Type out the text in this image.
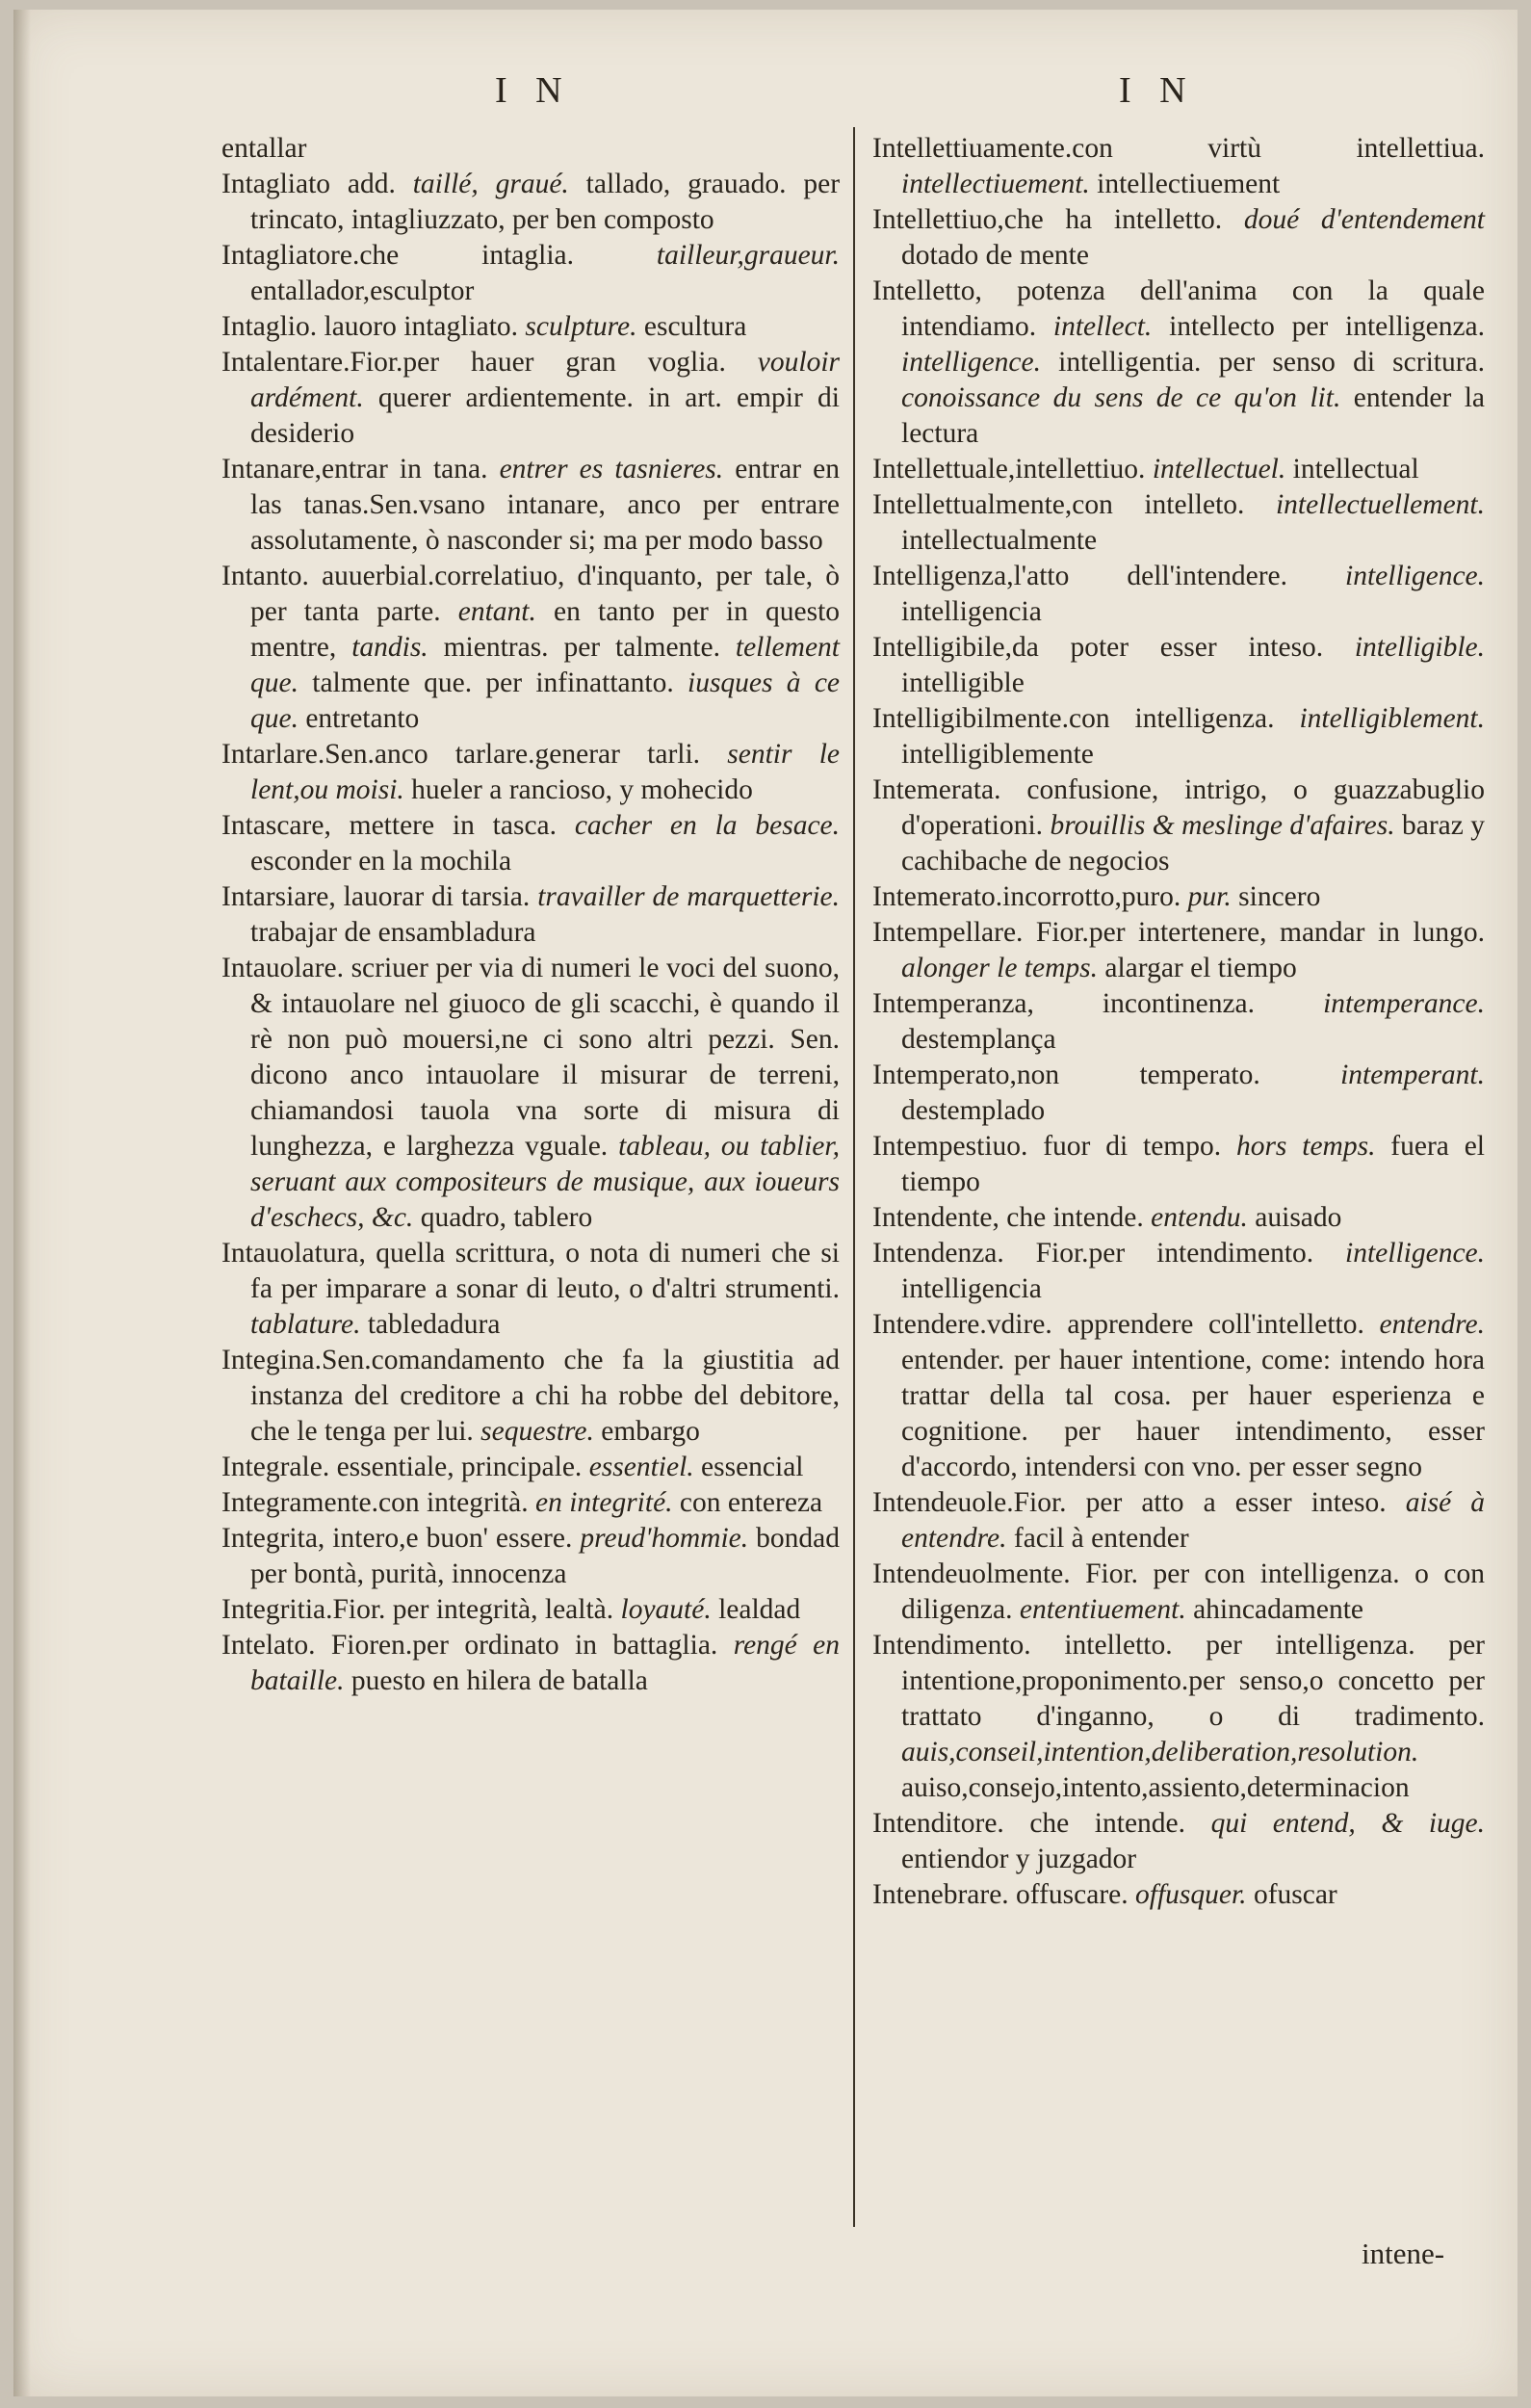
I N	I N

entallar

Intagliato add. taillé, graué. tallado, grauado. per trincato, intagliuzzato, per ben composto

Intagliatore.che intaglia.	tailleur,graueur. entallador,esculptor

Intaglio. lauoro intagliato. sculpture. escultura

Intalentare.Fior.per hauer gran voglia. vouloir ardément. querer ardientemente. in art. empir di desiderio

Intanare,entrar in tana. entrer es tasnieres. entrar en las tanas.Sen.vsano intanare, anco per entrare assolutamente, ò nasconder si; ma per modo basso

Intanto. auuerbial.correlatiuo, d'inquanto, per tale, ò per tanta parte. entant. en tanto per in questo mentre, tandis. mientras. per talmente. tellement que. talmente que. per infinattanto. iusques à ce que. entretanto

Intarlare.Sen.anco tarlare.generar tarli. sentir le lent,ou moisi. hueler a rancioso, y mohecido

Intascare, mettere in tasca. cacher en la besace. esconder en la mochila

Intarsiare, lauorar di tarsia. travailler de marquetterie. trabajar de ensambladura

Intauolare. scriuer per via di numeri le voci del suono, & intauolare nel giuoco de gli scacchi, è quando il rè non può mouersi,ne ci sono altri pezzi. Sen. dicono anco intauolare il misurar de terreni, chiamandosi tauola vna sorte di misura di lunghezza, e larghezza vguale. tableau, ou tablier, seruant aux compositeurs de musique, aux ioueurs d'eschecs, &c. quadro, tablero

Intauolatura, quella scrittura, o nota di numeri che si fa per imparare a sonar di leuto, o d'altri strumenti. tablature. tabledadura

Integina.Sen.comandamento che fa la giustitia ad instanza del creditore a chi ha robbe del debitore, che le tenga per lui. sequestre. embargo

Integrale. essentiale, principale. essentiel. essencial

Integramente.con integrità. en integrité. con entereza

Integrita, intero,e buon' essere. preud'hommie. bondad per bontà, purità, innocenza

Integritia.Fior. per integrità, lealtà. loyauté. lealdad

Intelato. Fioren.per ordinato in battaglia. rengé en bataille. puesto en hilera de batalla

Intellettiuamente.con virtù intellettiua. intellectiuement. intellectiuement

Intellettiuo,che ha intelletto. doué d'entendement dotado de mente

Intelletto, potenza dell'anima con la quale intendiamo. intellect. intellecto per intelligenza. intelligence. intelligentia. per senso di scritura. conoissance du sens de ce qu'on lit. entender la lectura

Intellettuale,intellettiuo. intellectuel. intellectual

Intellettualmente,con intelleto. intellectuellement. intellectualmente

Intelligenza,l'atto dell'intendere. intelligence. intelligencia

Intelligibile,da poter esser inteso. intelligible. intelligible

Intelligibilmente.con intelligenza. intelligiblement. intelligiblemente

Intemerata. confusione, intrigo, o guazzabuglio d'operationi. brouillis & meslinge d'afaires. baraz y cachibache de negocios

Intemerato.incorrotto,puro. pur. sincero

Intempellare. Fior.per intertenere, mandar in lungo. alonger le temps. alargar el tiempo

Intemperanza, incontinenza. intemperance. destemplança

Intemperato,non temperato.	intemperant. destemplado

Intempestiuo. fuor di tempo. hors temps. fuera el tiempo

Intendente, che intende. entendu. auisado

Intendenza. Fior.per intendimento. intelligence. intelligencia

Intendere.vdire. apprendere coll'intelletto. entendre. entender. per hauer intentione, come: intendo hora trattar della tal cosa. per hauer esperienza e cognitione. per hauer intendimento, esser d'accordo, intendersi con vno. per esser segno

Intendeuole.Fior. per atto a esser inteso. aisé à entendre. facil à entender

Intendeuolmente. Fior. per con intelligenza. o con diligenza. ententiuement. ahincadamente

Intendimento. intelletto. per intelligenza. per intentione,proponimento.per senso,o concetto per trattato d'inganno, o di tradimento. auis,conseil,intention,deliberation,resolution. auiso,consejo,intento,assiento,determinacion

Intenditore. che intende. qui entend, & iuge. entiendor y juzgador

Intenebrare. offuscare. offusquer. ofuscar

intene-
